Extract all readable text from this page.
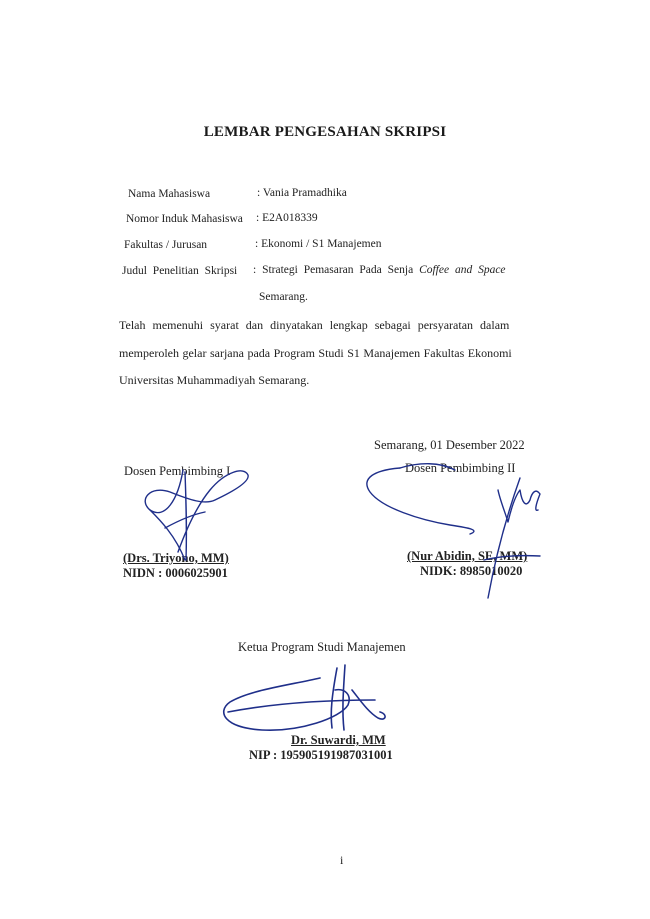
LEMBAR PENGESAHAN SKRIPSI
Nama Mahasiswa	: Vania Pramadhika
Nomor Induk Mahasiswa : E2A018339
Fakultas / Jurusan	: Ekonomi / S1 Manajemen
Judul Penelitian Skripsi : Strategi Pemasaran Pada Senja Coffee and Space
Semarang.
Telah memenuhi syarat dan dinyatakan lengkap sebagai persyaratan dalam
memperoleh gelar sarjana pada Program Studi S1 Manajemen Fakultas Ekonomi
Universitas Muhammadiyah Semarang.
Semarang, 01 Desember 2022
Dosen Pembimbing I
(Drs. Triyono, MM)
NIDN : 0006025901
Dosen Pembimbing II
(Nur Abidin, SE, MM)
NIDK: 8985010020
Ketua Program Studi Manajemen
Dr. Suwardi, MM
NIP : 195905191987031001
i
